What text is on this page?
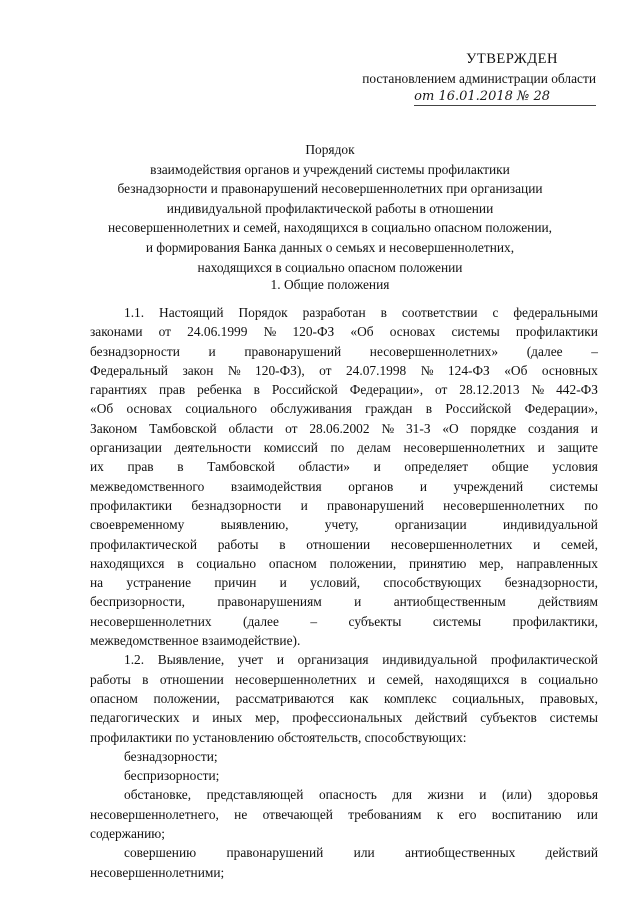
УТВЕРЖДЕН
постановлением администрации области
от 16.01.2018 № 28
Порядок
взаимодействия органов и учреждений системы профилактики
безнадзорности и правонарушений несовершеннолетних при организации
индивидуальной профилактической работы в отношении
несовершеннолетних и семей, находящихся в социально опасном положении,
и формирования Банка данных о семьях и несовершеннолетних,
находящихся в социально опасном положении
1. Общие положения
1.1. Настоящий Порядок разработан в соответствии с федеральными
законами от 24.06.1999 № 120-ФЗ «Об основах системы профилактики
безнадзорности и правонарушений несовершеннолетних» (далее –
Федеральный закон № 120-ФЗ), от 24.07.1998 № 124-ФЗ «Об основных
гарантиях прав ребенка в Российской Федерации», от 28.12.2013 № 442-ФЗ
«Об основах социального обслуживания граждан в Российской Федерации»,
Законом Тамбовской области от 28.06.2002 № 31-З «О порядке создания и
организации деятельности комиссий по делам несовершеннолетних и защите
их прав в Тамбовской области» и определяет общие условия
межведомственного взаимодействия органов и учреждений системы
профилактики безнадзорности и правонарушений несовершеннолетних по
своевременному	выявлению,	учету,	организации	индивидуальной
профилактической работы в отношении несовершеннолетних и семей,
находящихся в социально опасном положении, принятию мер, направленных
на устранение причин и условий, способствующих безнадзорности,
беспризорности, правонарушениям и антиобщественным действиям
несовершеннолетних (далее – субъекты системы профилактики,
межведомственное взаимодействие).
1.2. Выявление, учет и организация индивидуальной профилактической
работы в отношении несовершеннолетних и семей, находящихся в социально
опасном положении, рассматриваются как комплекс социальных, правовых,
педагогических и иных мер, профессиональных действий субъектов системы
профилактики по установлению обстоятельств, способствующих:
безнадзорности;
беспризорности;
обстановке, представляющей опасность для жизни и (или) здоровья
несовершеннолетнего, не отвечающей требованиям к его воспитанию или
содержанию;
совершению правонарушений или антиобщественных действий
несовершеннолетними;
